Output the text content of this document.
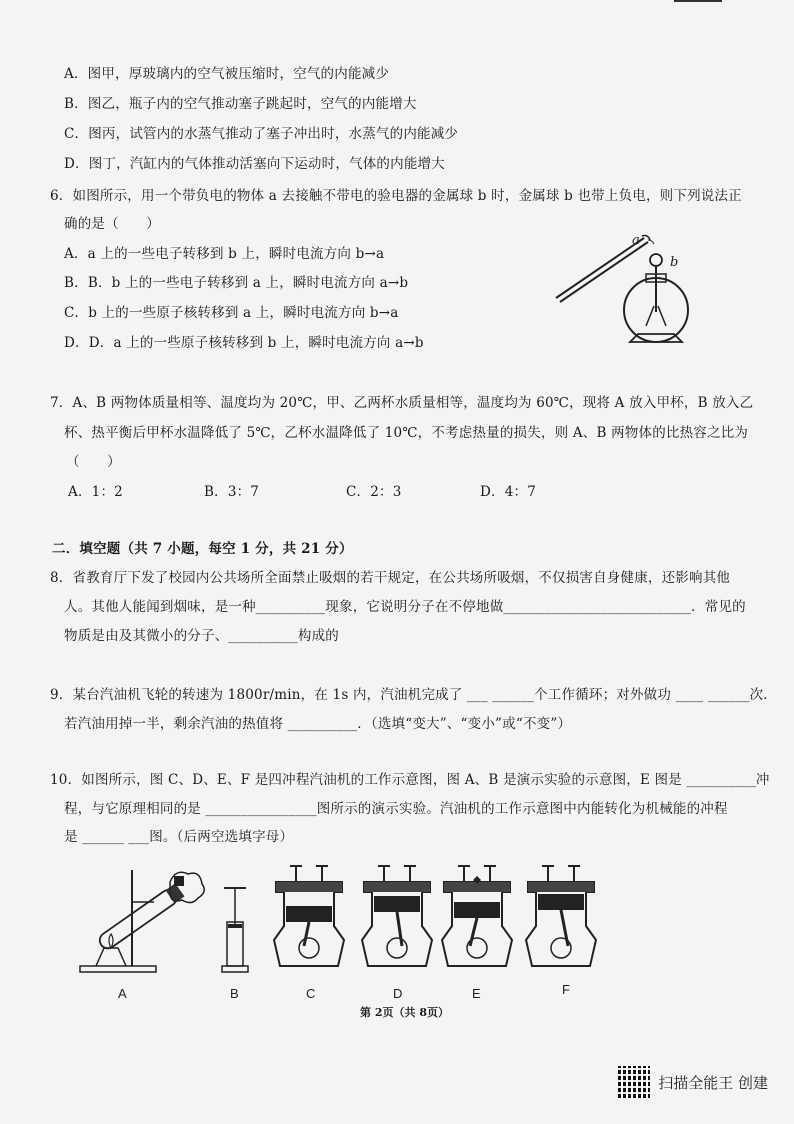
A．图甲，厚玻璃内的空气被压缩时，空气的内能减少
B．图乙，瓶子内的空气推动塞子跳起时，空气的内能增大
C．图丙，试管内的水蒸气推动了塞子冲出时，水蒸气的内能减少
D．图丁，汽缸内的气体推动活塞向下运动时，气体的内能增大
6．如图所示，用一个带负电的物体 a 去接触不带电的验电器的金属球 b 时，金属球 b 也带上负电，则下列说法正
确的是（　　）
A．a 上的一些电子转移到 b 上，瞬时电流方向 b→a
B．B．b 上的一些电子转移到 a 上，瞬时电流方向 a→b
C．b 上的一些原子核转移到 a 上，瞬时电流方向 b→a
D．D．a 上的一些原子核转移到 b 上，瞬时电流方向 a→b
a
b
7．A、B 两物体质量相等、温度均为 20℃，甲、乙两杯水质量相等，温度均为 60℃，现将 A 放入甲杯，B 放入乙
杯、热平衡后甲杯水温降低了 5℃，乙杯水温降低了 10℃，不考虑热量的损失，则 A、B 两物体的比热容之比为
（　　）
A．1：2	B．3：7	C．2：3	D．4：7
二．填空题（共 7 小题，每空 1 分，共 21 分）
8．省教育厅下发了校园内公共场所全面禁止吸烟的若干规定，在公共场所吸烟，不仅损害自身健康，还影响其他
人。其他人能闻到烟味，是一种__________现象，它说明分子在不停地做___________________________．常见的
物质是由及其微小的分子、__________构成的
9．某台汽油机飞轮的转速为 1800r/min，在 1s 内，汽油机完成了 ___ ______个工作循环；对外做功 ____ ______次．
若汽油用掉一半，剩余汽油的热值将 __________．（选填“变大”、“变小”或“不变”）
10．如图所示，图 C、D、E、F 是四冲程汽油机的工作示意图，图 A、B 是演示实验的示意图，E 图是 __________冲
程，与它原理相同的是 ________________图所示的演示实验。汽油机的工作示意图中内能转化为机械能的冲程
是 ______ ___图。（后两空选填字母）
A	B	C	D	E	F
第 2页（共 8页）
扫描全能王 创建
